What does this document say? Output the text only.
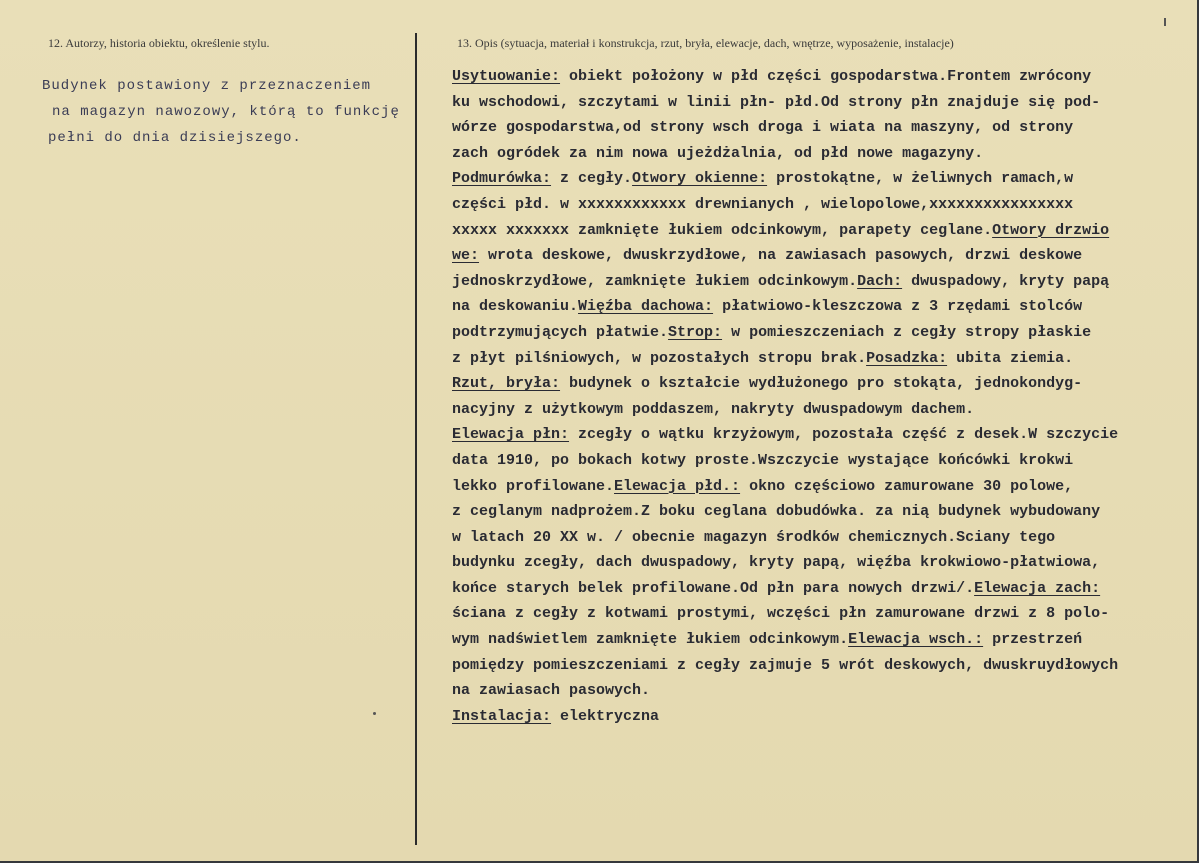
12. Autorzy, historia obiektu, określenie stylu.	13. Opis (sytuacja, materiał i konstrukcja, rzut, bryła, elewacje, dach, wnętrze, wyposażenie, instalacje)
Budynek postawiony z przeznaczeniem
na magazyn nawozowy, którą to funkcję
pełni do dnia dzisiejszego.
Usytuowanie: obiekt położony w płd części gospodarstwa.Frontem zwrócony
ku wschodowi, szczytami w linii płn- płd.Od strony płn znajduje się pod-
wórze gospodarstwa,od strony wsch droga i wiata na maszyny, od strony
zach ogródek za nim nowa ujeżdżalnia, od płd nowe magazyny.
Podmurówka: z cegły.Otwory okienne: prostokątne, w żeliwnych ramach,w
części płd. w xxxxxxxxxxxx drewnianych , wielopolowe,xxxxxxxxxxxxxxxx
xxxxx xxxxxxx zamknięte łukiem odcinkowym, parapety ceglane.Otwory drzwio
we: wrota deskowe, dwuskrzydłowe, na zawiasach pasowych, drzwi deskowe
jednoskrzydłowe, zamknięte łukiem odcinkowym.Dach: dwuspadowy, kryty papą
na deskowaniu.Więźba dachowa: płatwiowo-kleszczowa z 3 rzędami stolców
podtrzymujących płatwie.Strop: w pomieszczeniach z cegły stropy płaskie
z płyt pilśniowych, w pozostałych stropu brak.Posadzka: ubita ziemia.
Rzut, bryła: budynek o kształcie wydłużonego pro stokąta, jednokondyg-
nacyjny z użytkowym poddaszem, nakryty dwuspadowym dachem.
Elewacja płn: zcegły o wątku krzyżowym, pozostała część z desek.W szczycie
data 1910, po bokach kotwy proste.Wszczycie wystające końcówki krokwi
lekko profilowane.Elewacja płd.: okno częściowo zamurowane 30 polowe,
z ceglanym nadprożem.Z boku ceglana dobudówka. za nią budynek wybudowany
w latach 20 XX w. / obecnie magazyn środków chemicznych.Sciany tego
budynku zcegły, dach dwuspadowy, kryty papą, więźba krokwiowo-płatwiowa,
końce starych belek profilowane.Od płn para nowych drzwi/.Elewacja zach:
ściana z cegły z kotwami prostymi, wczęści płn zamurowane drzwi z 8 polo-
wym nadświetlem zamknięte łukiem odcinkowym.Elewacja wsch.: przestrzeń
pomiędzy pomieszczeniami z cegły zajmuje 5 wrót deskowych, dwuskruydłowych
na zawiasach pasowych.
Instalacja: elektryczna
